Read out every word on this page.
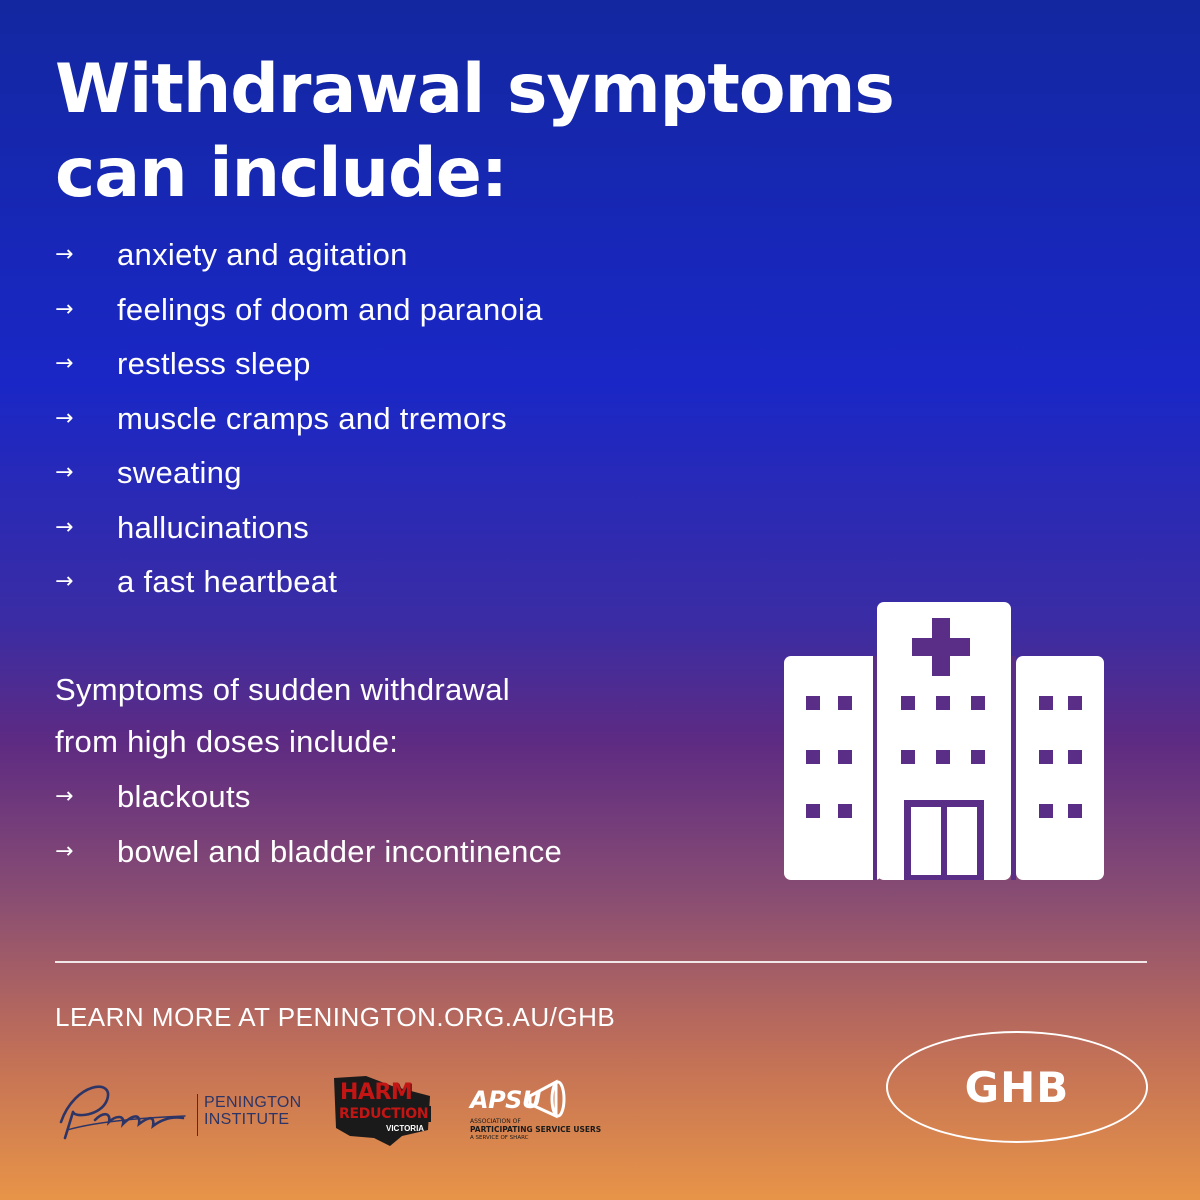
Withdrawal symptoms
can include:
→ anxiety and agitation
→ feelings of doom and paranoia
→ restless sleep
→ muscle cramps and tremors
→ sweating
→ hallucinations
→ a fast heartbeat
Symptoms of sudden withdrawal
from high doses include:
→ blackouts
→ bowel and bladder incontinence
LEARN MORE AT PENINGTON.ORG.AU/GHB
PENINGTON
INSTITUTE
HARM
REDUCTION
VICTORIA
APSU
ASSOCIATION OF
PARTICIPATING SERVICE USERS
A SERVICE OF SHARC
GHB
